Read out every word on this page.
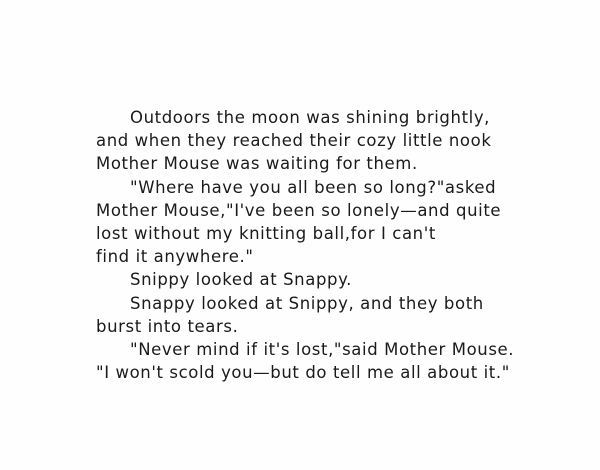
Outdoors the moon was shining brightly,

and when they reached their cozy little nook

Mother Mouse was waiting for them.

"Where have you all been so long?"asked

Mother Mouse,"I've been so lonely—and quite

lost without my knitting ball,for I can't

find it anywhere."

Snippy looked at Snappy.

Snappy looked at Snippy, and they both

burst into tears.

"Never mind if it's lost,"said Mother Mouse.

"I won't scold you—but do tell me all about it."
